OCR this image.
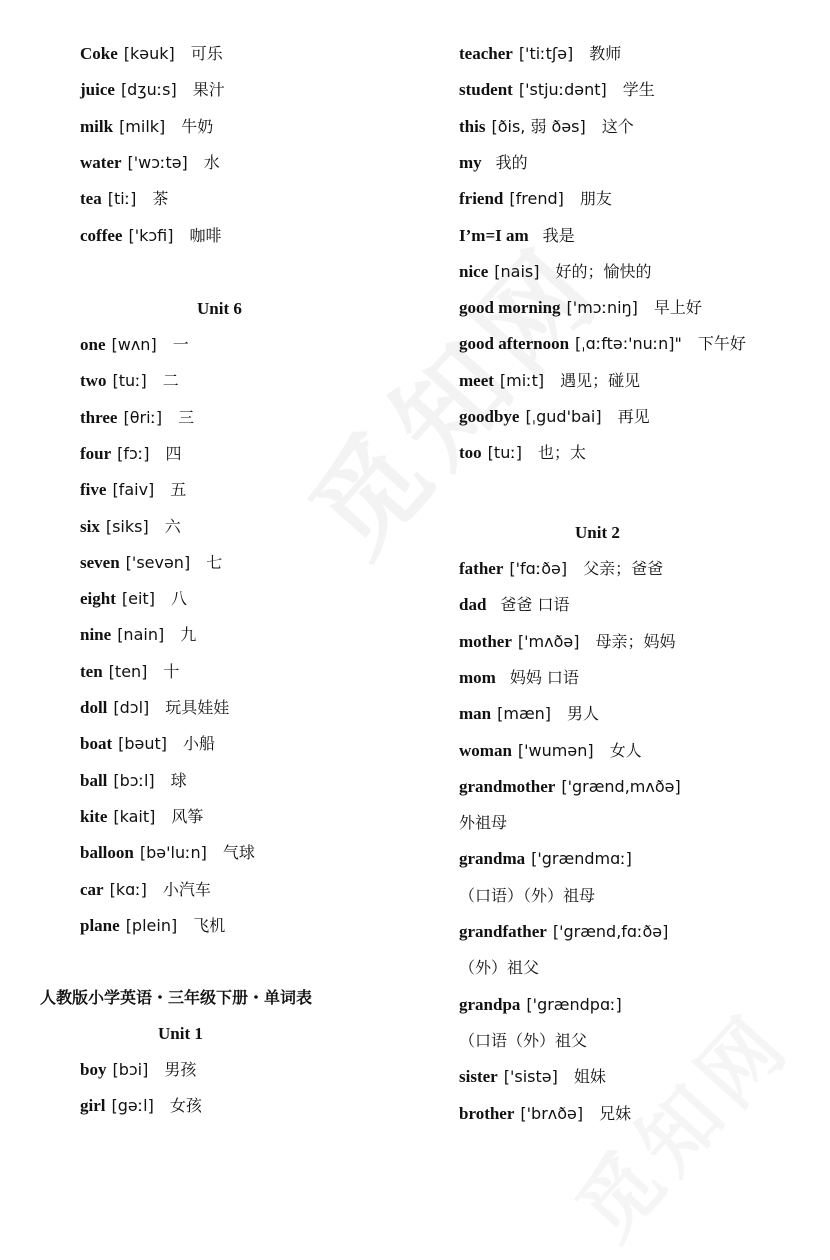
Coke [kəuk] 可乐
juice [dʒuːs] 果汁
milk [milk] 牛奶
water ['wɔːtə] 水
tea [tiː] 茶
coffee ['kɔfi] 咖啡
Unit 6
one [wʌn] 一
two [tuː] 二
three [θriː] 三
four [fɔː] 四
five [faiv] 五
six [siks] 六
seven ['sevən] 七
eight [eit] 八
nine [nain] 九
ten [ten] 十
doll [dɔl] 玩具娃娃
boat [bəut] 小船
ball [bɔːl] 球
kite [kait] 风筝
balloon [bə'luːn] 气球
car [kɑː] 小汽车
plane [plein] 飞机
人教版小学英语・三年级下册・单词表
Unit 1
boy [bɔi] 男孩
girl [gəːl] 女孩
teacher ['tiːtʃə] 教师
student ['stjuːdənt] 学生
this [ðis, 弱 ðəs] 这个
my 我的
friend [frend] 朋友
I’m=I am 我是
nice [nais] 好的；愉快的
good morning ['mɔːniŋ] 早上好
good afternoon [ˌɑːftə:'nuːn]" 下午好
meet [miːt] 遇见；碰见
goodbye [ˌgud'bai] 再见
too [tuː] 也；太
Unit 2
father ['fɑːðə] 父亲；爸爸
dad 爸爸 口语
mother ['mʌðə] 母亲；妈妈
mom 妈妈 口语
man [mæn] 男人
woman ['wumən] 女人
grandmother ['grænd,mʌðə]
外祖母
grandma ['grændmɑː]
（口语）（外）祖母
grandfather ['grænd,fɑːðə]
（外）祖父
grandpa ['grændpɑː]
（口语（外）祖父
sister ['sistə] 姐妹
brother ['brʌðə] 兄妹
